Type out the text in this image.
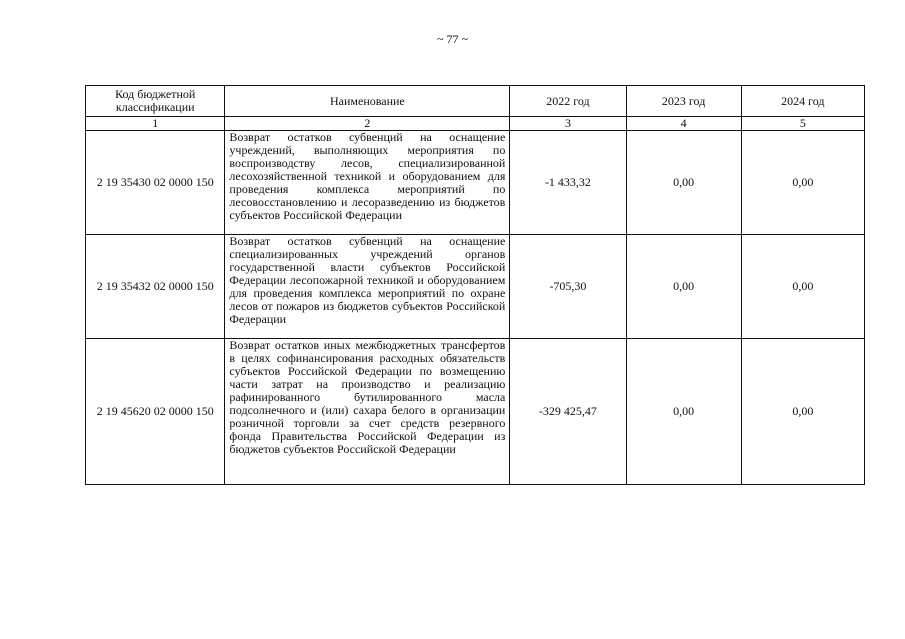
~ 77 ~
Код бюджетной классификации	Наименование	2022 год	2023 год	2024 год
1	2	3	4	5
2 19 35430 02 0000 150	Возврат остатков субвенций на оснащение учреждений, выполняющих мероприятия по воспроизводству лесов, специализированной лесохозяйственной техникой и оборудованием для проведения комплекса мероприятий по лесовосстановлению и лесоразведению из бюджетов субъектов Российской Федерации	-1 433,32	0,00	0,00
2 19 35432 02 0000 150	Возврат остатков субвенций на оснащение специализированных учреждений органов государственной власти субъектов Российской Федерации лесопожарной техникой и оборудованием для проведения комплекса мероприятий по охране лесов от пожаров из бюджетов субъектов Российской Федерации	-705,30	0,00	0,00
2 19 45620 02 0000 150	Возврат остатков иных межбюджетных трансфертов в целях софинансирования расходных обязательств субъектов Российской Федерации по возмещению части затрат на производство и реализацию рафинированного бутилированного масла подсолнечного и (или) сахара белого в организации розничной торговли за счет средств резервного фонда Правительства Российской Федерации из бюджетов субъектов Российской Федерации	-329 425,47	0,00	0,00
